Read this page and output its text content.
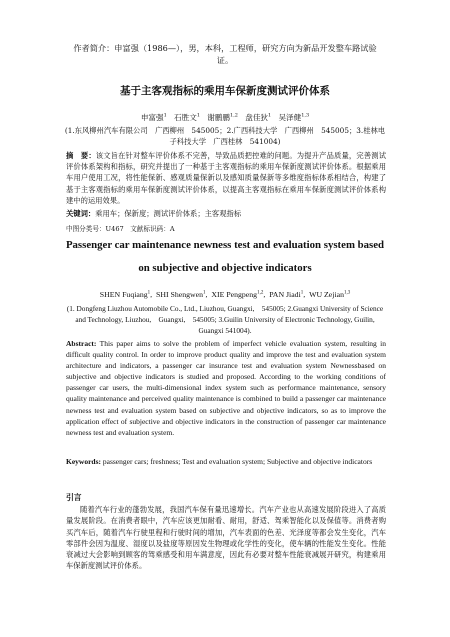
作者简介：申富强（1986—），男，本科，工程师，研究方向为新品开发整车路试验证。
基于主客观指标的乘用车保新度测试评价体系
申富强$^1$ 石胜文$^1$ 谢鹏鹏$^{1,2}$ 盘佳狄$^1$ 吴泽健$^{1,3}$
(1.东风柳州汽车有限公司　广西柳州　545005；2.广西科技大学　广西柳州　545005；3.桂林电子科技大学　广西桂林　541004)
摘　要：该文旨在针对整车评价体系不完善，导致品质把控难的问题。为提升产品质量，完善测试评价体系架构和指标，研究并提出了一种基于主客观指标的乘用车保新度测试评价体系。根据乘用车用户使用工况，将性能保新、感观质量保新以及感知质量保新等多维度指标体系相结合，构建了基于主客观指标的乘用车保新度测试评价体系，以提高主客观指标在乘用车保新度测试评价体系构建中的运用效果。
关键词：乘用车；保新度；测试评价体系；主客观指标
中图分类号：U467　文献标识码：A
Passenger car maintenance newness test and evaluation system based
on subjective and objective indicators
SHEN Fuqiang$^1$,  SHI Shengwen$^1$,  XIE Pengpeng$^{1,2}$,  PAN Jiadi$^1$,  WU Zejian$^{1,3}$
(1. Dongfeng Liuzhou Automobile Co., Ltd., Liuzhou, Guangxi,　545005; 2.Guangxi University of Science and Technology, Liuzhou,　Guangxi,　545005; 3.Guilin University of Electronic Technology, Guilin,　Guangxi 541004).
Abstract: This paper aims to solve the problem of imperfect vehicle evaluation system, resulting in difficult quality control. In order to improve product quality and improve the test and evaluation system architecture and indicators, a passenger car insurance test and evaluation system Newnessbased on subjective and objective indicators is studied and proposed. According to the working conditions of passenger car users, the multi-dimensional index system such as performance maintenance, sensory quality maintenance and perceived quality maintenance is combined to build a passenger car maintenance newness test and evaluation system based on subjective and objective indicators, so as to improve the application effect of subjective and objective indicators in the construction of passenger car maintenance newness test and evaluation system.
Keywords: passenger cars; freshness; Test and evaluation system; Subjective and objective indicators
引言
随着汽车行业的蓬勃发展，我国汽车保有量迅速增长。汽车产业也从高速发展阶段进入了高质量发展阶段。在消费者眼中，汽车应该更加耐看、耐用，舒适、驾乘智能化以及保值等。消费者购买汽车后，随着汽车行驶里程和行驶时间的增加，汽车表面的色差、光泽度等都会发生变化，汽车零部件会因为温度、湿度以及盐度等原因发生物理或化学性的变化，使车辆的性能发生变化。性能衰减过大会影响到顾客的驾乘感受和用车满意度，因此有必要对整车性能衰减展开研究，构建乘用车保新度测试评价体系。
